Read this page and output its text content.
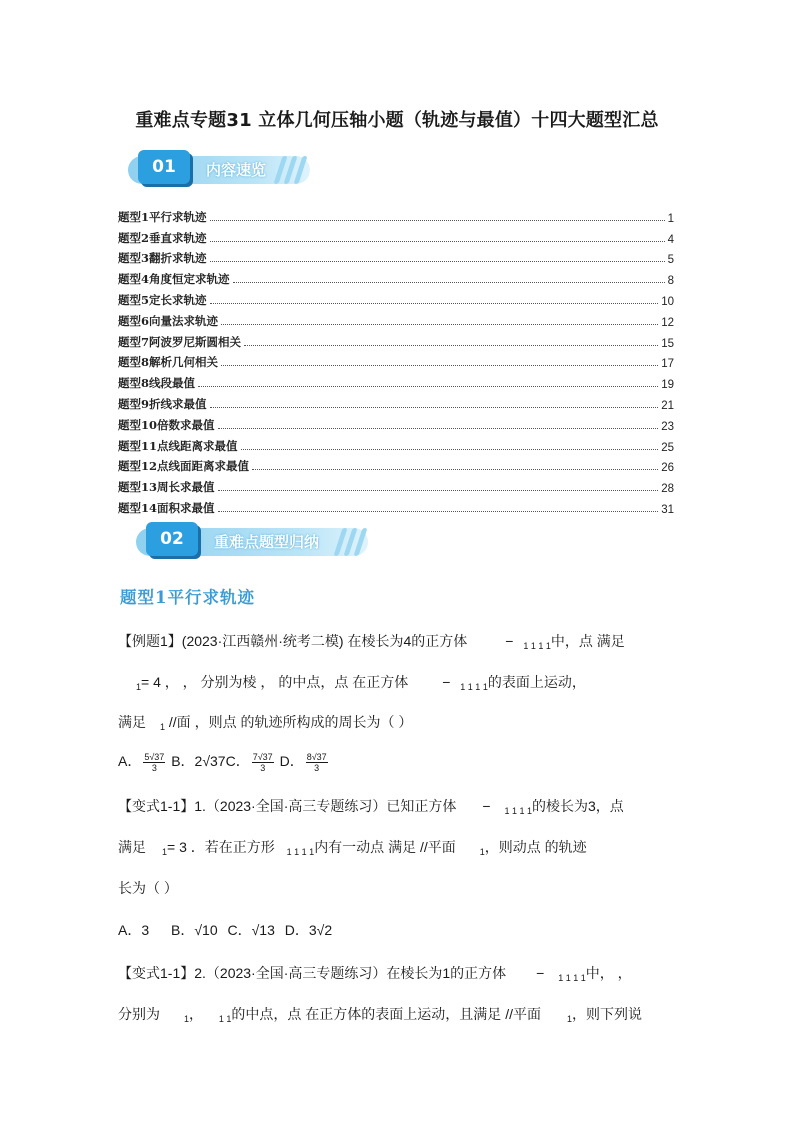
重难点专题31 立体几何压轴小题（轨迹与最值）十四大题型汇总
01	内容速览
题型1平行求轨迹	1
题型2垂直求轨迹	4
题型3翻折求轨迹	5
题型4角度恒定求轨迹	8
题型5定长求轨迹	10
题型6向量法求轨迹	12
题型7阿波罗尼斯圆相关	15
题型8解析几何相关	17
题型8线段最值	19
题型9折线求最值	21
题型10倍数求最值	23
题型11点线距离求最值	25
题型12点线面距离求最值	26
题型13周长求最值	28
题型14面积求最值	31
02	重难点题型归纳
题型1平行求轨迹
【例题1】(2023·江西赣州·统考二模) 在棱长为4的正方体	− $_{1 1 1 1}$中，点 满足
$_1$= 4 ， ， 分别为棱 ， 的中点，点 在正方体 − $_{1 1 1 1}$的表面上运动，
满足 $_1$ //面 ，则点 的轨迹所构成的周长为（ ）
A． $\frac{5√37}{3}$ B．2√37C． $\frac{7√37}{3}$ D． $\frac{8√37}{3}$
【变式1-1】1.（2023·全国·高三专题练习）已知正方体 − $_{1 1 1 1}$的棱长为3，点
满足 $_1$= 3 ．若在正方形 $_{1 1 1 1}$内有一动点 满足 //平面	$_1$，则动点 的轨迹
长为（ ）
A．3 B．√10 C．√13 D．3√2
【变式1-1】2.（2023·全国·高三专题练习）在棱长为1的正方体 − $_{1 1 1 1}$中， ，
分别为	$_1$， $_{1 1}$的中点，点 在正方体的表面上运动，且满足 //平面	$_1$，则下列说
